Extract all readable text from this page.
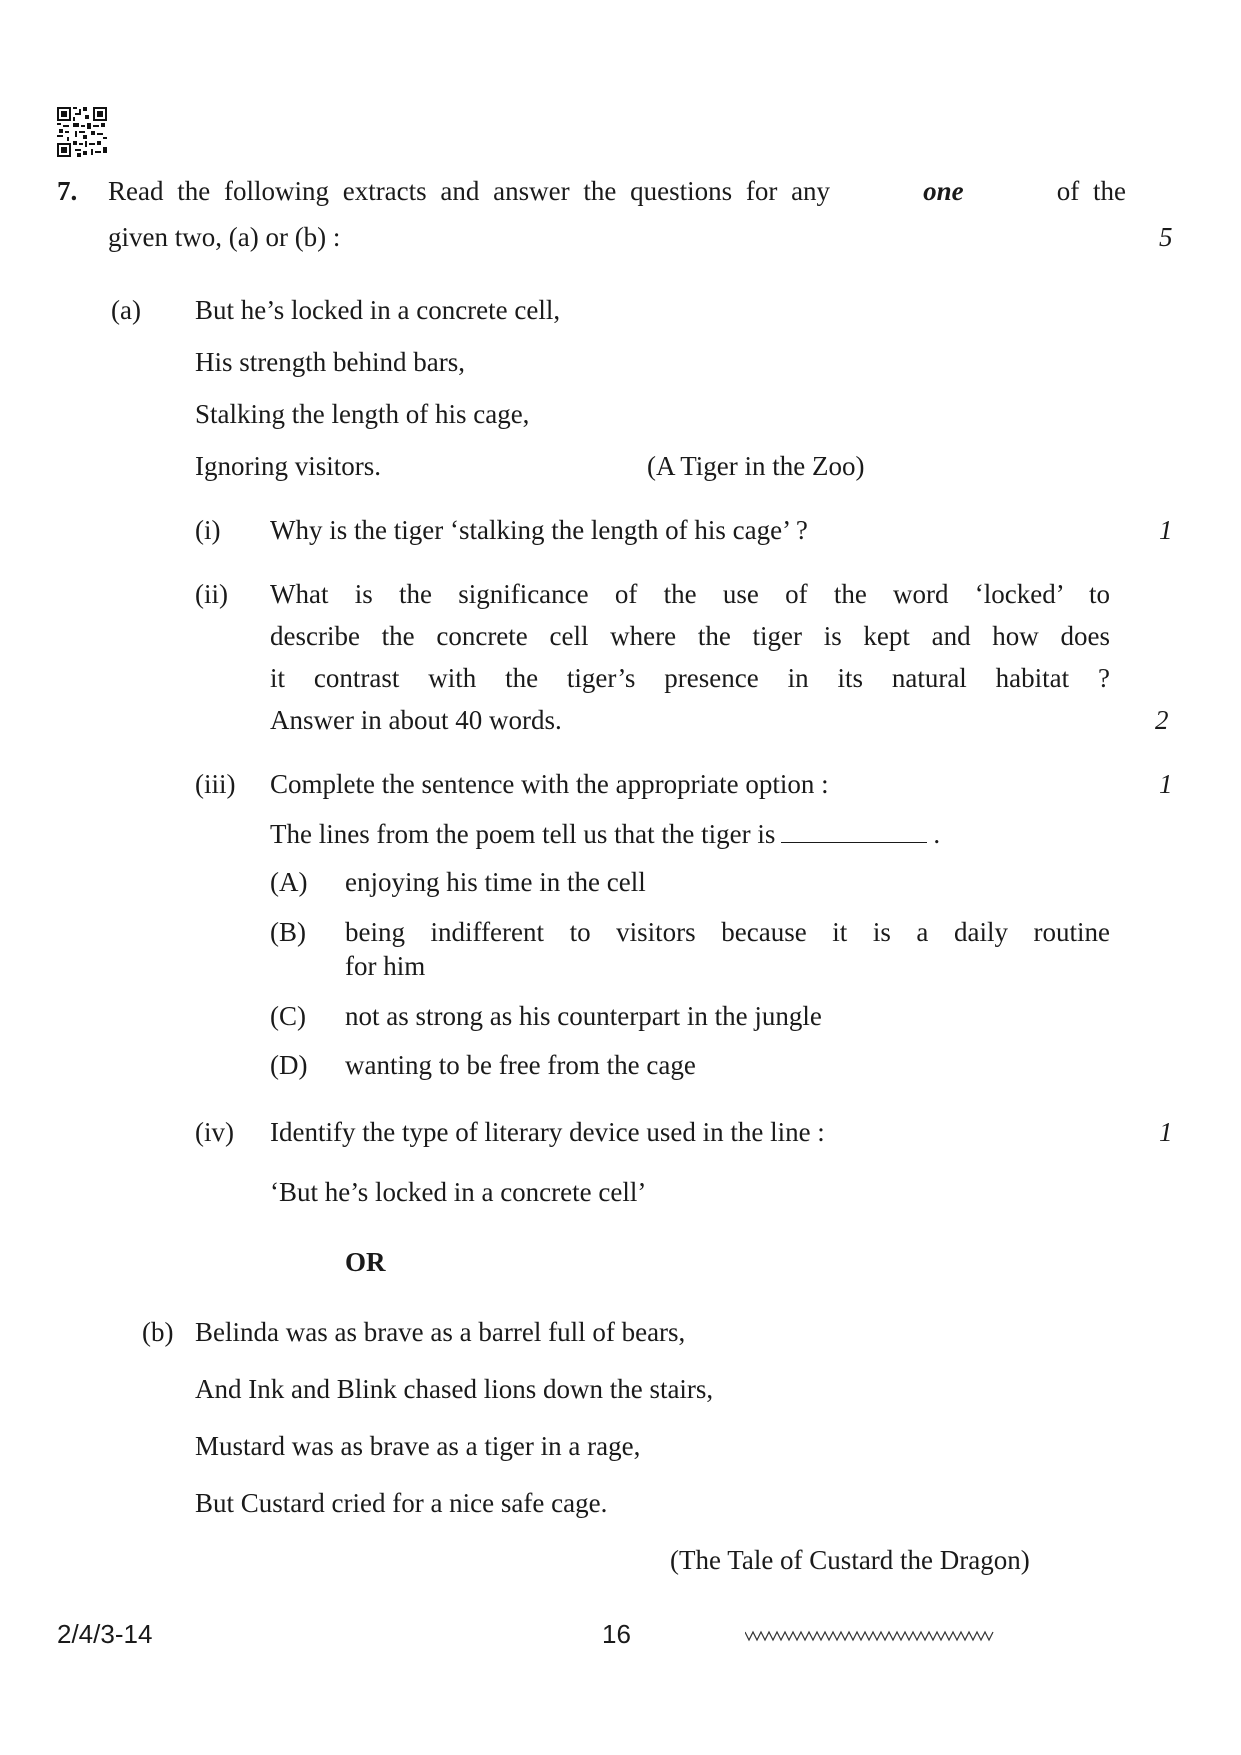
7. Read the following extracts and answer the questions for any	one	of the
given two, (a) or (b) :	5
(a) But he’s locked in a concrete cell,
His strength behind bars,
Stalking the length of his cage,
Ignoring visitors.	(A Tiger in the Zoo)
(i) Why is the tiger ‘stalking the length of his cage’ ?	1
(ii) What is the significance of the use of the word ‘locked’ to
describe the concrete cell where the tiger is kept and how does
it contrast with the tiger’s presence in its natural habitat ?
Answer in about 40 words.	2
(iii) Complete the sentence with the appropriate option :	1
The lines from the poem tell us that the tiger is	.
(A) enjoying his time in the cell
(B) being indifferent to visitors because it is a daily routine
for him
(C) not as strong as his counterpart in the jungle
(D) wanting to be free from the cage
(iv) Identify the type of literary device used in the line :	1
‘But he’s locked in a concrete cell’
OR
(b) Belinda was as brave as a barrel full of bears,
And Ink and Blink chased lions down the stairs,
Mustard was as brave as a tiger in a rage,
But Custard cried for a nice safe cage.
(The Tale of Custard the Dragon)
2/4/3-14	16
